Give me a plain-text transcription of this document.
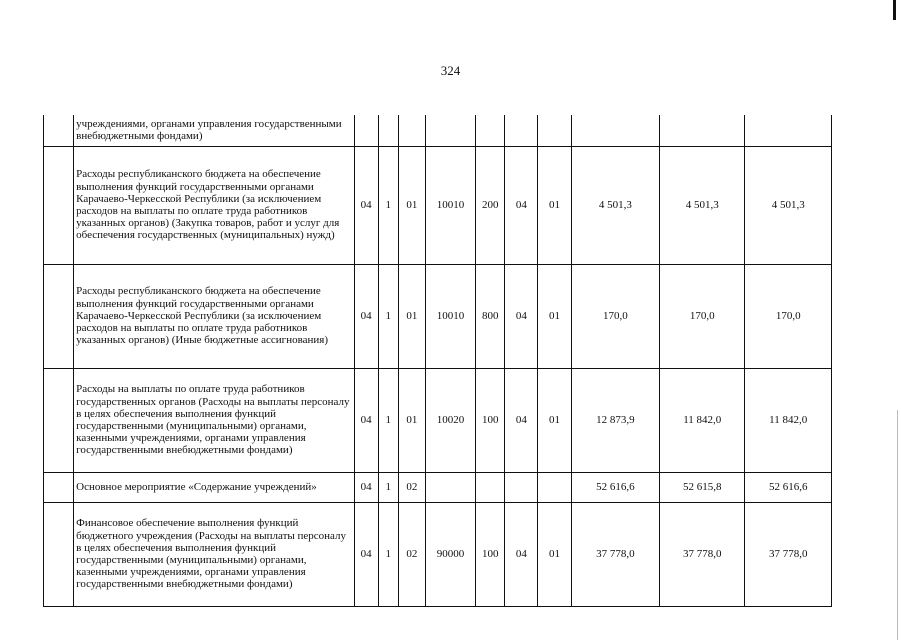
324
	учреждениями, органами управления государственными внебюджетными фондами)										
	Расходы республиканского бюджета на обеспечение выполнения функций государственными органами Карачаево-Черкесской Республики (за исключением расходов на выплаты по оплате труда работников указанных органов) (Закупка товаров, работ и услуг для обеспечения государственных (муниципальных) нужд)	04	1	01	10010	200	04	01	4 501,3	4 501,3	4 501,3
	Расходы республиканского бюджета на обеспечение выполнения функций государственными органами Карачаево-Черкесской Республики (за исключением расходов на выплаты по оплате труда работников указанных органов) (Иные бюджетные ассигнования)	04	1	01	10010	800	04	01	170,0	170,0	170,0
	Расходы на выплаты по оплате труда работников государственных органов (Расходы на выплаты персоналу в целях обеспечения выполнения функций государственными (муниципальными) органами, казенными учреждениями, органами управления государственными внебюджетными фондами)	04	1	01	10020	100	04	01	12 873,9	11 842,0	11 842,0
	Основное мероприятие «Содержание учреждений»	04	1	02					52 616,6	52 615,8	52 616,6
	Финансовое обеспечение выполнения функций бюджетного учреждения (Расходы на выплаты персоналу в целях обеспечения выполнения функций государственными (муниципальными) органами, казенными учреждениями, органами управления государственными внебюджетными фондами)	04	1	02	90000	100	04	01	37 778,0	37 778,0	37 778,0
